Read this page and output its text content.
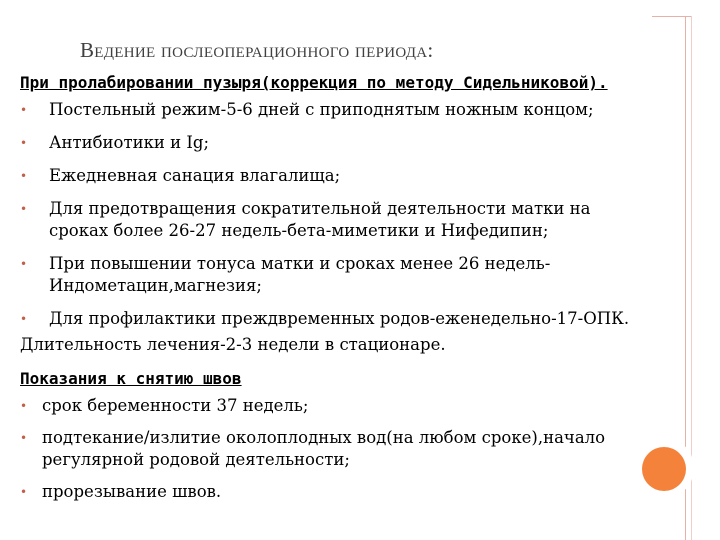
Ведение послеоперационного периода:
При пролабировании пузыря(коррекция по методу Сидельниковой).
• Постельный режим-5-6 дней с приподнятым ножным концом;
• Антибиотики и Ig;
• Ежедневная санация влагалища;
• Для предотвращения сократительной деятельности матки на
сроках более 26-27 недель-бета-миметики и Нифедипин;
• При повышении тонуса матки и сроках менее 26 недель-
Индометацин,магнезия;
• Для профилактики преждвременных родов-еженедельно-17-ОПК.

Длительность лечения-2-3 недели в стационаре.

Показания к снятию швов
• срок беременности 37 недель;
• подтекание/излитие околоплодных вод(на любом сроке),начало
регулярной родовой деятельности;
• прорезывание швов.
